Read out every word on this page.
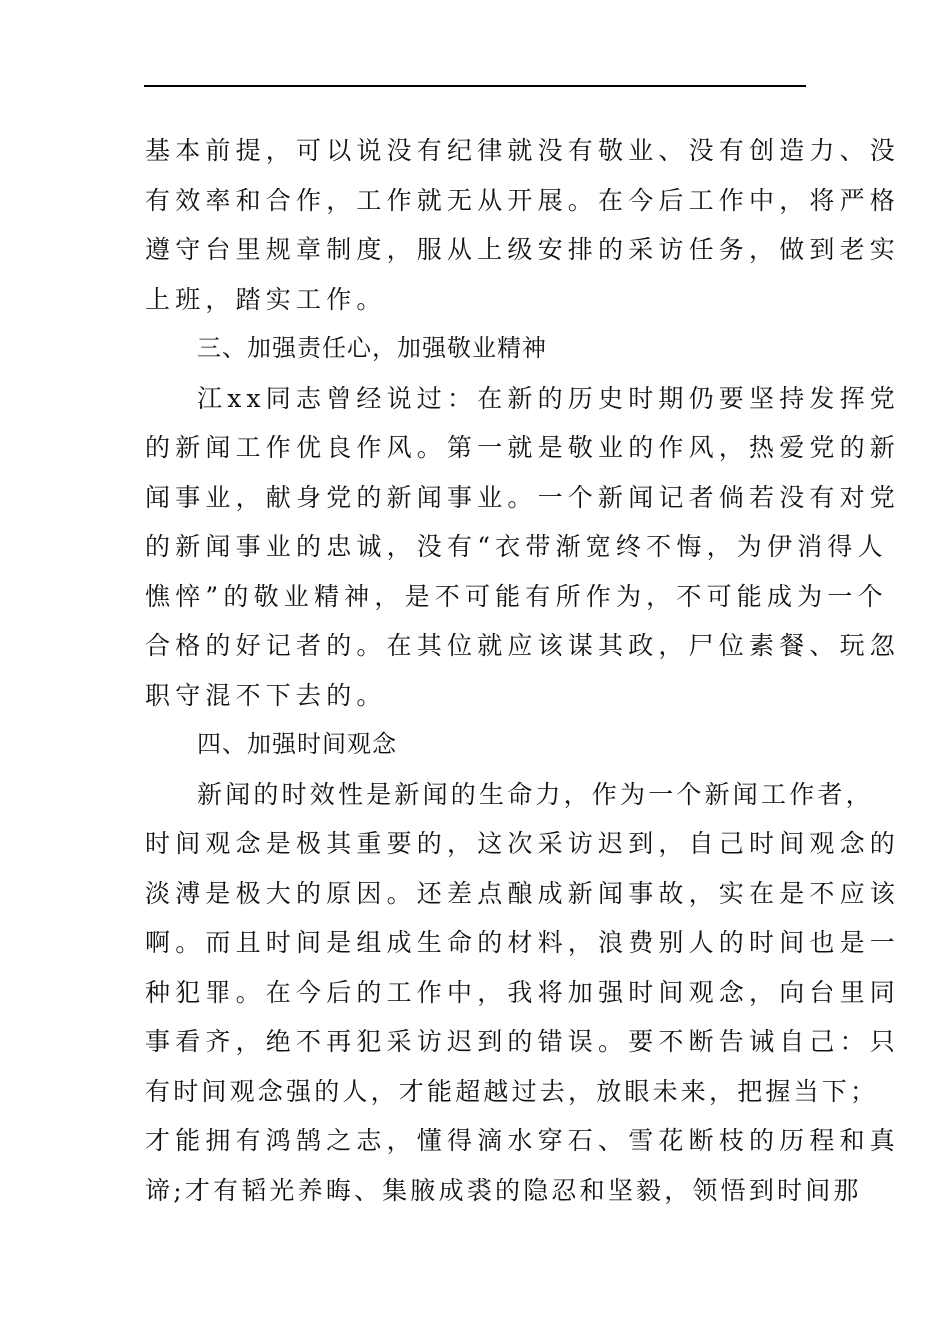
基本前提，可以说没有纪律就没有敬业、没有创造力、没
有效率和合作，工作就无从开展。在今后工作中，将严格
遵守台里规章制度，服从上级安排的采访任务，做到老实
上班，踏实工作。
三、加强责任心，加强敬业精神
江xx同志曾经说过：在新的历史时期仍要坚持发挥党
的新闻工作优良作风。第一就是敬业的作风，热爱党的新
闻事业，献身党的新闻事业。一个新闻记者倘若没有对党
的新闻事业的忠诚，没有“衣带渐宽终不悔，为伊消得人
憔悴”的敬业精神，是不可能有所作为，不可能成为一个
合格的好记者的。在其位就应该谋其政，尸位素餐、玩忽
职守混不下去的。
四、加强时间观念
新闻的时效性是新闻的生命力，作为一个新闻工作者，
时间观念是极其重要的，这次采访迟到，自己时间观念的
淡溥是极大的原因。还差点酿成新闻事故，实在是不应该
啊。而且时间是组成生命的材料，浪费别人的时间也是一
种犯罪。在今后的工作中，我将加强时间观念，向台里同
事看齐，绝不再犯采访迟到的错误。要不断告诫自己：只
有时间观念强的人，才能超越过去，放眼未来，把握当下；
才能拥有鸿鹄之志，懂得滴水穿石、雪花断枝的历程和真
谛;才有韬光养晦、集腋成裘的隐忍和坚毅，领悟到时间那
